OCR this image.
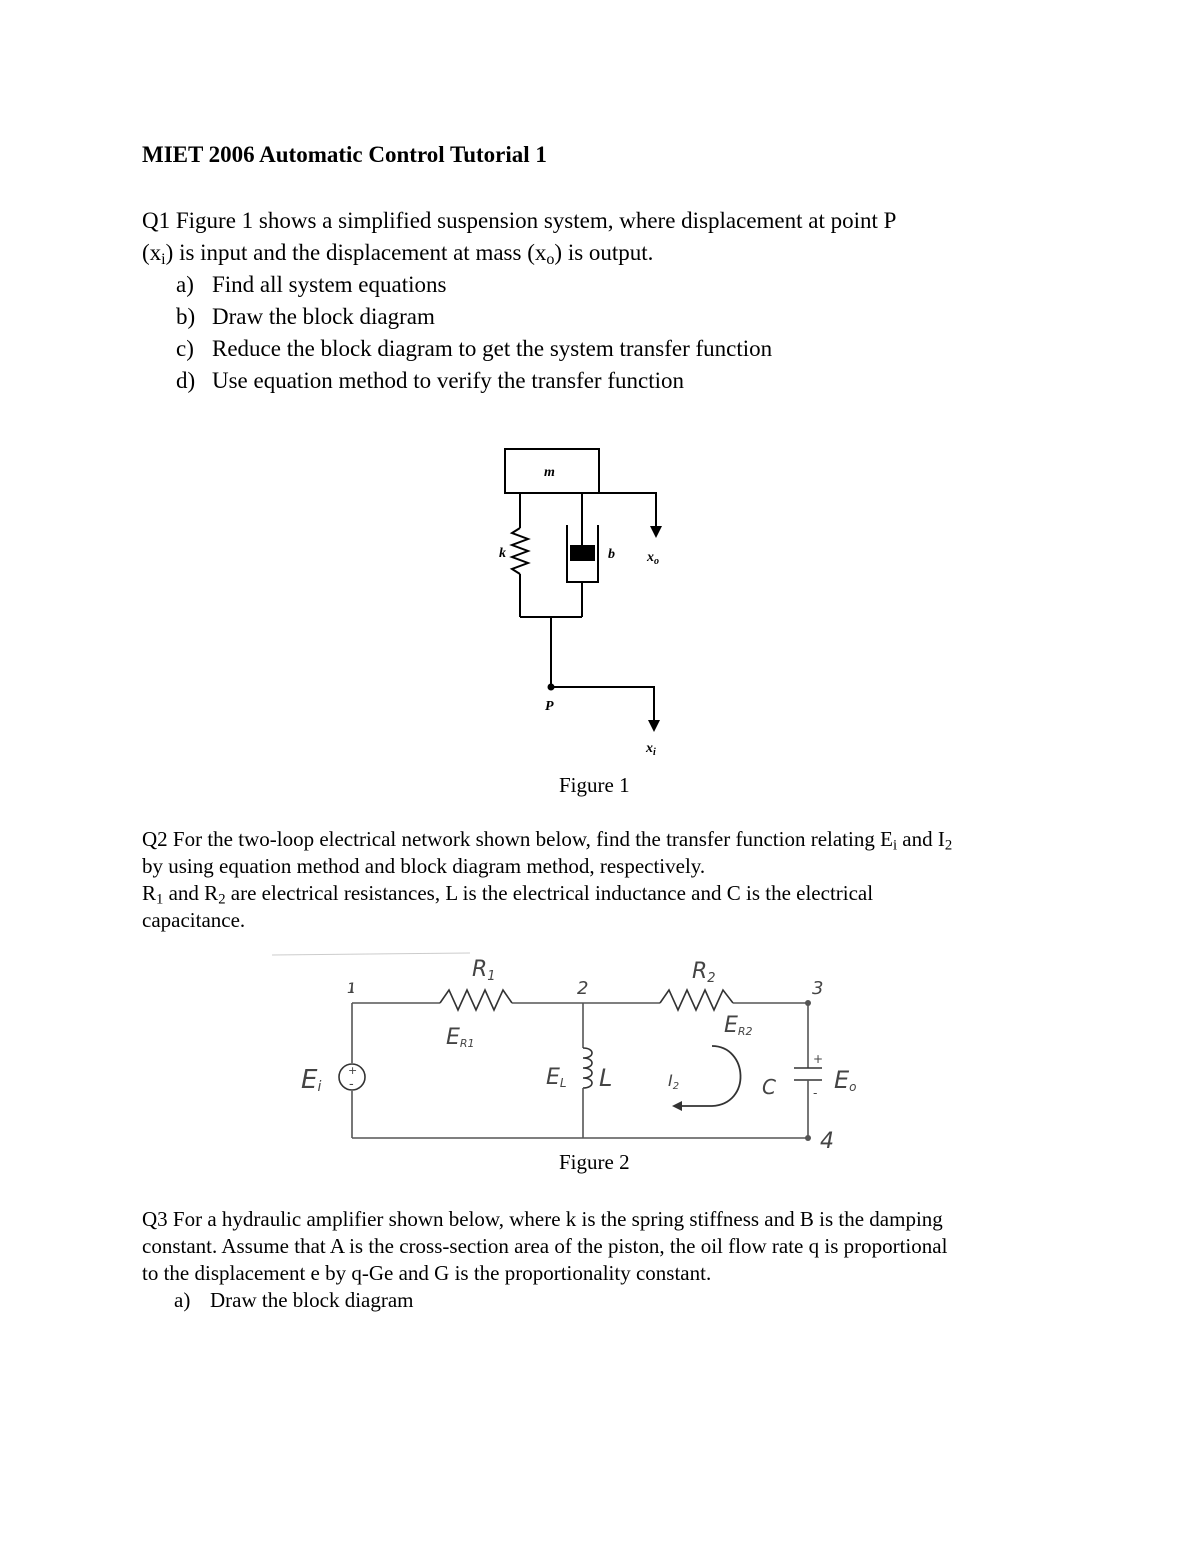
MIET 2006 Automatic Control Tutorial 1
Q1 Figure 1 shows a simplified suspension system, where displacement at point P
$(x_i)$ is input and the displacement at mass $(x_o)$ is output.
a) Find all system equations
b) Draw the block diagram
c) Reduce the block diagram to get the system transfer function
d) Use equation method to verify the transfer function
m
k	b $x_o$
P
$x_i$
Figure 1

Q2 For the two-loop electrical network shown below, find the transfer function relating $E_i$ and $I_2$

by using equation method and block diagram method, respectively.

$R_1$ and $R_2$ are electrical resistances, L is the electrical inductance and C is the electrical

capacitance.

R1	R2
1	2	3
4
ER1
ER2
Ei	EL L	C
I2	Eo
+
-
+
-
Figure 2

Q3 For a hydraulic amplifier shown below, where k is the spring stiffness and B is the damping

constant. Assume that A is the cross-section area of the piston, the oil flow rate q is proportional

to the displacement e by q-Ge and G is the proportionality constant.

a) Draw the block diagram
